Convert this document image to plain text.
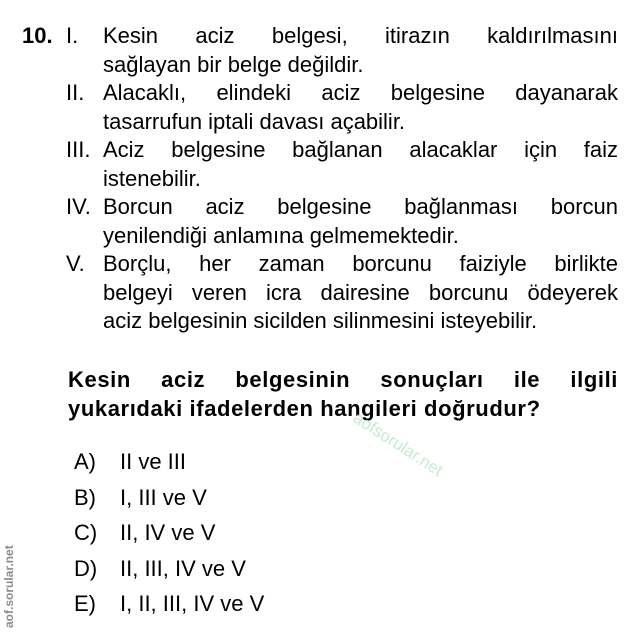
10. I. Kesin aciz belgesi, itirazın kaldırılmasını
sağlayan bir belge değildir.
II. Alacaklı, elindeki aciz belgesine dayanarak
tasarrufun iptali davası açabilir.
III. Aciz belgesine bağlanan alacaklar için faiz
istenebilir.
IV. Borcun aciz belgesine bağlanması borcun
yenilendiği anlamına gelmemektedir.
V. Borçlu, her zaman borcunu faiziyle birlikte
belgeyi veren icra dairesine borcunu ödeyerek
aciz belgesinin sicilden silinmesini isteyebilir.
Kesin aciz belgesinin sonuçları ile ilgili
yukarıdaki ifadelerden hangileri doğrudur?
A)	II ve III
B)	I, III ve V
C)	II, IV ve V
D)	II, III, IV ve V
E)	I, II, III, IV ve V
aofsorular.net
aof.sorular.net
